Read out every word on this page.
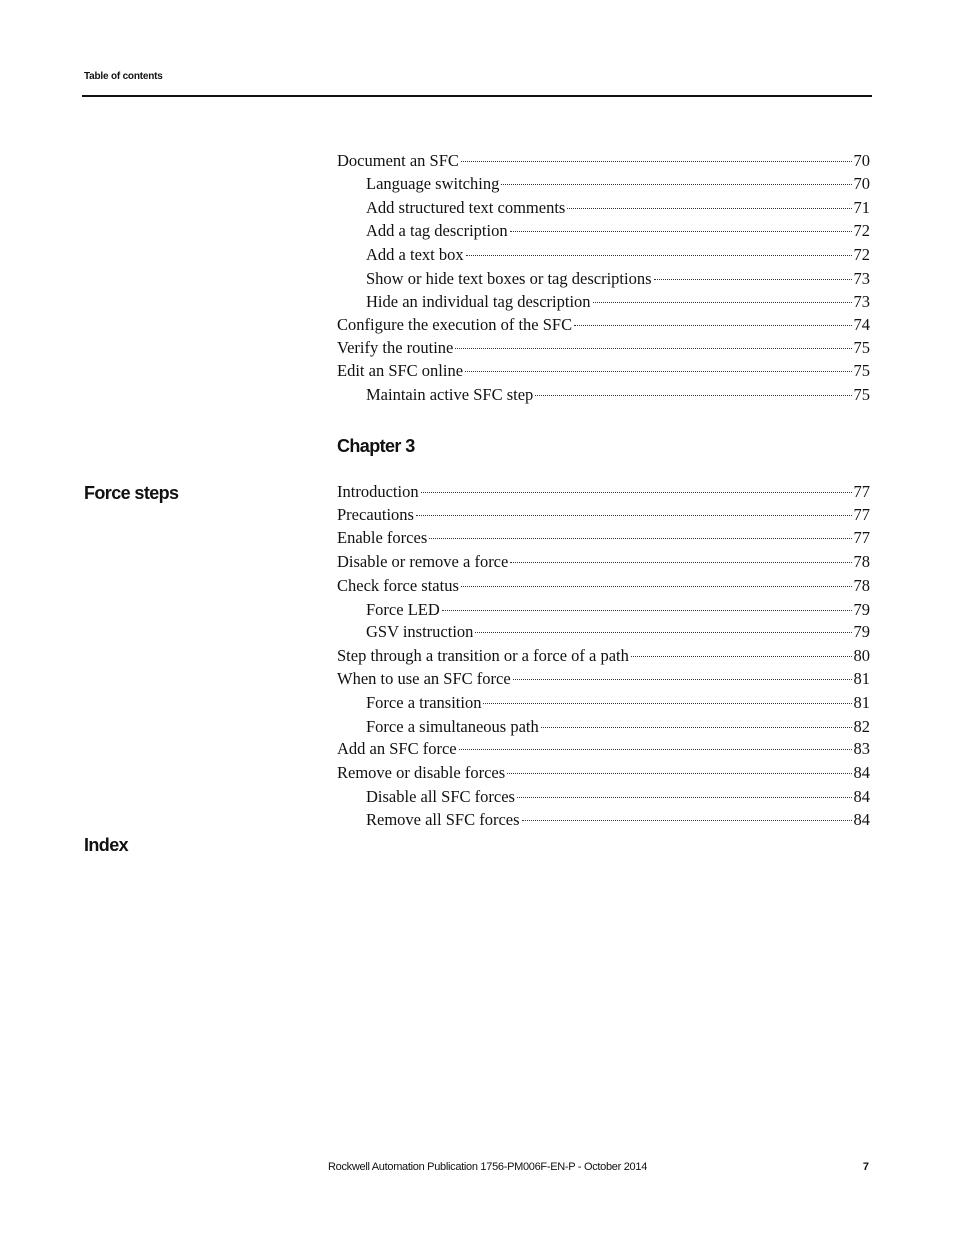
Table of contents
Document an SFC	70
Language switching	70
Add structured text comments	71
Add a tag description	72
Add a text box	72
Show or hide text boxes or tag descriptions	73
Hide an individual tag description	73
Configure the execution of the SFC	74
Verify the routine	75
Edit an SFC online	75
Maintain active SFC step	75
Chapter 3
Force steps	Introduction	77
Precautions	77
Enable forces	77
Disable or remove a force	78
Check force status	78
Force LED	79
GSV instruction	79
Step through a transition or a force of a path	80
When to use an SFC force	81
Force a transition	81
Force a simultaneous path	82
Add an SFC force	83
Remove or disable forces	84
Disable all SFC forces	84
Remove all SFC forces	84
Index
Rockwell Automation Publication 1756-PM006F-EN-P - October 2014	7
